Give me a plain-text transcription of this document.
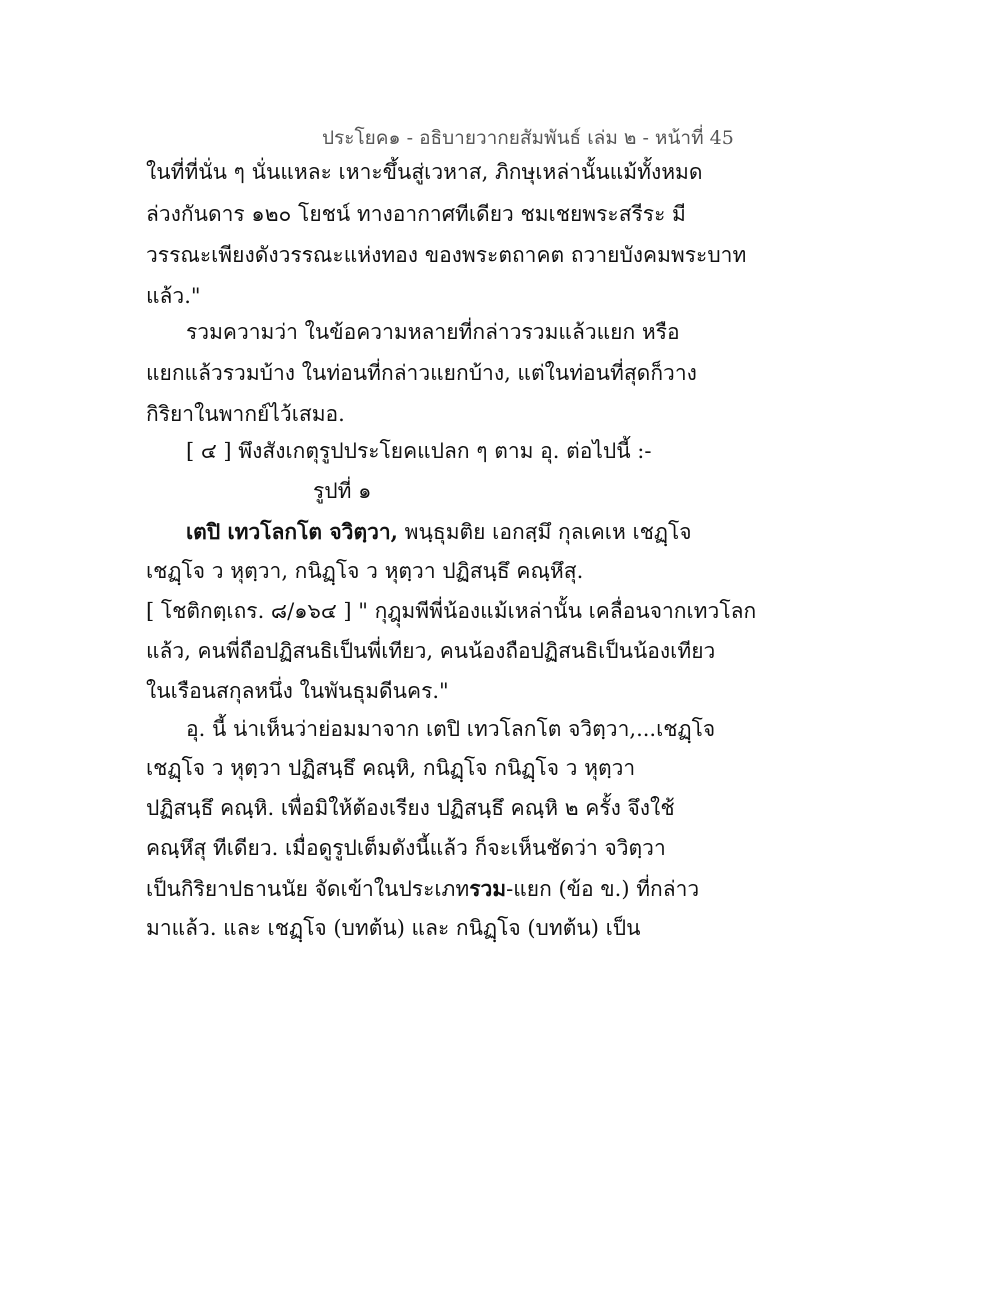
ประโยค๑ - อธิบายวากยสัมพันธ์ เล่ม ๒ - หน้าที่ 45
ในที่ที่นั่น ๆ นั่นแหละ เหาะขึ้นสู่เวหาส, ภิกษุเหล่านั้นแม้ทั้งหมด
ล่วงกันดาร ๑๒๐ โยชน์ ทางอากาศทีเดียว ชมเชยพระสรีระ มี
วรรณะเพียงดังวรรณะแห่งทอง ของพระตถาคต ถวายบังคมพระบาท
แล้ว."
รวมความว่า ในข้อความหลายที่กล่าวรวมแล้วแยก หรือ
แยกแล้วรวมบ้าง ในท่อนที่กล่าวแยกบ้าง, แต่ในท่อนที่สุดก็วาง
กิริยาในพากย์ไว้เสมอ.
[ ๔ ] พึงสังเกตุรูปประโยคแปลก ๆ ตาม อุ. ต่อไปนี้ :-
รูปที่ ๑
เตปิ เทวโลกโต จวิตฺวา, พนฺธุมติย เอกสฺมึ กุลเคเห เชฏฺโจ
เชฏฺโจ ว หุตฺวา, กนิฏฺโจ ว หุตฺวา ปฏิสนฺธึ คณฺหึสุ.
[ โชติกตฺเถร. ๘/๑๖๔ ] " กุฎุมพีพี่น้องแม้เหล่านั้น เคลื่อนจากเทวโลก
แล้ว, คนพี่ถือปฏิสนธิเป็นพี่เทียว, คนน้องถือปฏิสนธิเป็นน้องเทียว
ในเรือนสกุลหนึ่ง ในพันธุมดีนคร."
อุ. นี้ น่าเห็นว่าย่อมมาจาก เตปิ เทวโลกโต จวิตฺวา,...เชฏฺโจ
เชฏฺโจ ว หุตฺวา ปฏิสนฺธึ คณฺหิ, กนิฏฺโจ กนิฏฺโจ ว หุตฺวา
ปฏิสนฺธึ คณฺหิ. เพื่อมิให้ต้องเรียง ปฏิสนฺธึ คณฺหิ ๒ ครั้ง จึงใช้
คณฺหึสุ ทีเดียว. เมื่อดูรูปเต็มดังนี้แล้ว ก็จะเห็นชัดว่า จวิตฺวา
เป็นกิริยาปธานนัย จัดเข้าในประเภทรวม-แยก (ข้อ ข.) ที่กล่าว
มาแล้ว. และ เชฏฺโจ (บทต้น) และ กนิฏฺโจ (บทต้น) เป็น
